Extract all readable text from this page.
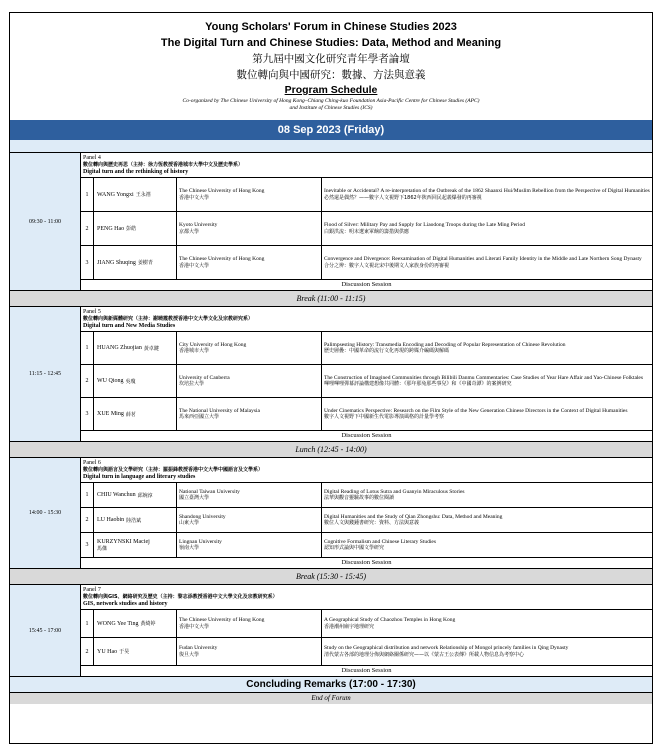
Young Scholars' Forum in Chinese Studies 2023
The Digital Turn and Chinese Studies: Data, Method and Meaning
第九屆中國文化研究青年學者論壇
數位轉向與中國研究：數據、方法與意義
Program Schedule
Co-organized by The Chinese University of Hong Kong–Chiang Ching-kuo Foundation Asia-Pacific Centre for Chinese Studies (APC)
and Institute of Chinese Studies (ICS)
08 Sep 2023 (Friday)
09:30 - 11:00
Panel 4
數位轉向與歷史再思（主持：徐力恆教授香港城市大學中文及歷史學系）
Digital turn and the rethinking of history
1	WANG Yongxi 王永禧
The Chinese University of Hong Kong
香港中文大學
Inevitable or Accidental? A re-interpretation of the Outbreak of the 1862 Shaanxi Hui/Muslim Rebellion from the Perspective of Digital Humanities
必然還是偶然？——數字人文視野下1862年陝西回民起義爆發的再審視
2	PENG Hao 彭皓
Kyoto University
京都大學
Flood of Silver: Military Pay and Supply for Liaodong Troops during the Late Ming Period
白銀洪流：明末遼東軍餉的籌措與供應
3	JIANG Shuqing 姜樹青
The Chinese University of Hong Kong
香港中文大學
Convergence and Divergence: Reexamination of Digital Humanities and Literati Family Identity in the Middle and Late Northern Song Dynasty
合分之辨：數字人文視北宋中後期文人家族身份的再審視
Discussion Session
Break (11:00 - 11:15)
11:15 - 12:45
Panel 5
數位轉向與新媒體研究（主持：謝曉霞教授香港中文大學文化及宗教研究系）
Digital turn and New Media Studies
1	HUANG Zhuojian 黃卓鍵
City University of Hong Kong
香港城市大學
Palimpsesting History: Transmedia Encoding and Decoding of Popular Representation of Chinese Revolution
歷史層疊：中國革命的流行文化再現的跨媒介編碼與解碼
2	WU Qiong 吳瓊
University of Canberra
坎培拉大學
The Construction of Imagined Communities through Bilibili Danmu Commentaries: Case Studies of Year Hare Affair and Yao-Chinese Folktales
嗶哩嗶哩彈幕評論構建想像共同體：《那年那兔那些事兒》和《中國奇譚》的案例研究
3	XUE Ming 薛茗
The National University of Malaysia
馬來西亞國立大學
Under Cinematics Perspective: Research on the Film Style of the New Generation Chinese Directors in the Context of Digital Humanities
數字人文視野下中國新生代電影導演風格的計量學考察
Discussion Session
Lunch (12:45 - 14:00)
14:00 - 15:30
Panel 6
數位轉向與語言及文學研究（主持：羅振鋒教授香港中文大學中國語言及文學系）
Digital turn in language and literary studies
1	CHIU Wanchun 邱婉淳
National Taiwan University
國立臺灣大學
Digital Reading of Lotus Sutra and Guanyin Miraculous Stories
法華與觀音靈驗故事的數位閱讀
2	LU Haobin 陸浩斌
Shandong University
山東大學
Digital Humanities and the Study of Qian Zhongshu: Data, Method and Meaning
數位人文與錢鍾書研究：資料、方法與意義
3
KURZYNSKI Maciej
馬傑
Lingnan University
嶺南大學
Cognitive Formalism and Chinese Literary Studies
認知形式論與中國文學研究
Discussion Session
Break (15:30 - 15:45)
15:45 - 17:00
Panel 7
數位轉向與GIS、網絡研究及歷史（主持：黎志添教授香港中文大學文化及宗教研究系）
GIS, network studies and history
1	WONG Yee Ting 黃綺婷
The Chinese University of Hong Kong
香港中文大學
A Geographical Study of Chaozhou Temples in Hong Kong
香港潮州廟宇地理研究
2	YU Hao 于昊
Fudan University
復旦大學
Study on the Geographical distribution and network Relationship of Mongol princely families in Qing Dynasty
清代蒙古各部的地理分佈與網絡關係研究——以《蒙古王公表傳》所載人物信息為考察中心
Discussion Session
Concluding Remarks (17:00 - 17:30)
End of Forum
